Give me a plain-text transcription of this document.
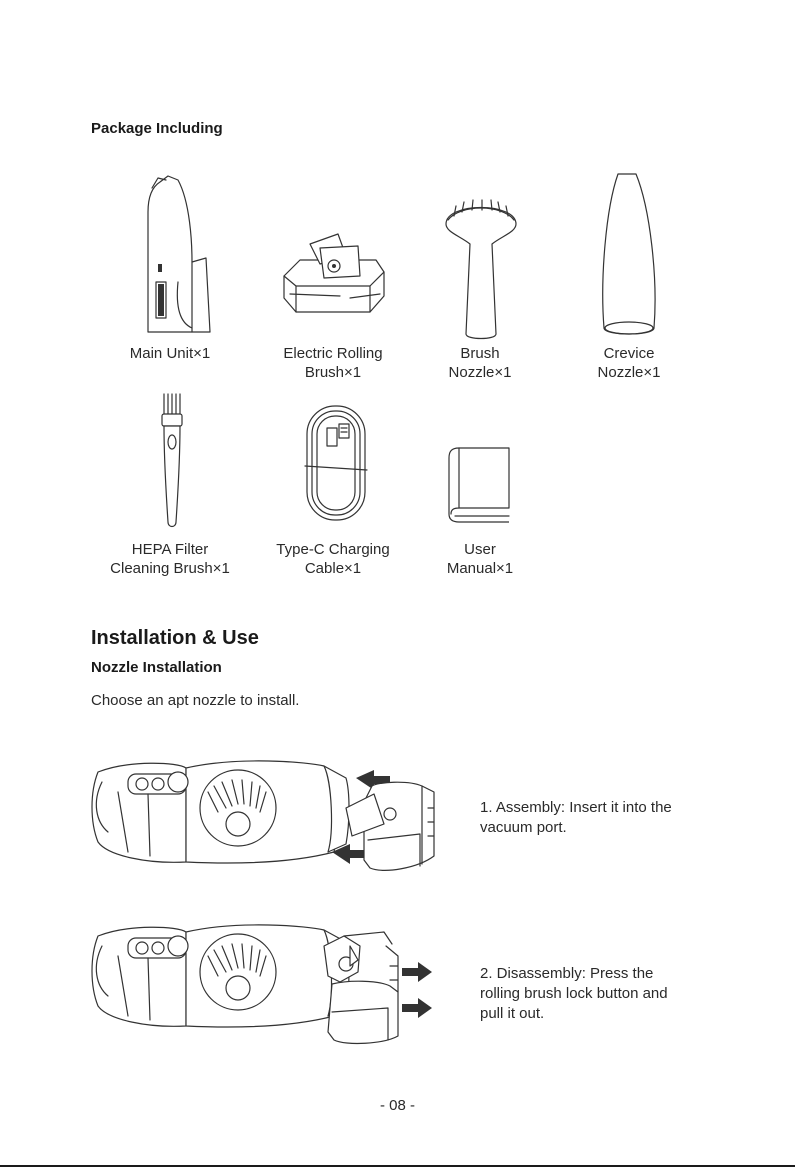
Package Including
Main Unit×1	Electric Rolling
Brush×1
Brush
Nozzle×1
Crevice
Nozzle×1
HEPA Filter
Cleaning Brush×1
Type-C Charging
Cable×1
User
Manual×1
Installation & Use
Nozzle Installation
Choose an apt nozzle to install.
1. Assembly: Insert it into the
vacuum port.
2. Disassembly: Press the
rolling brush lock button and
pull it out.
- 08 -
